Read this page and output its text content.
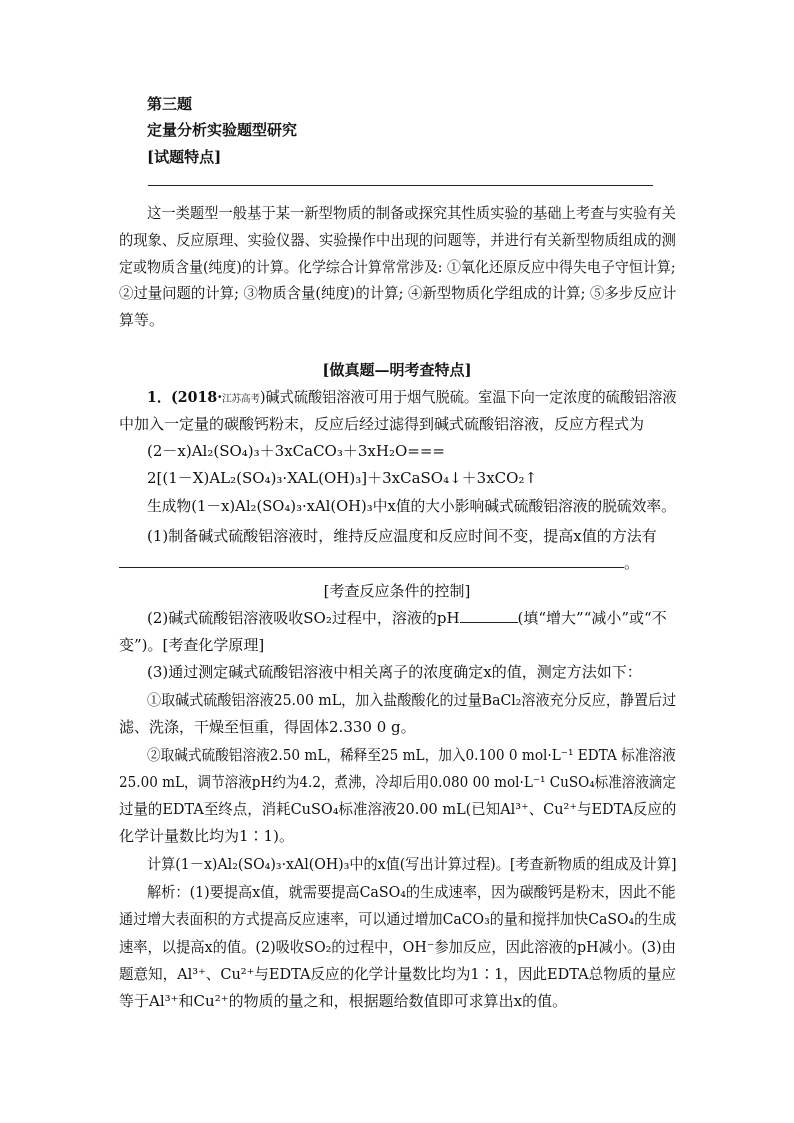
第三题
定量分析实验题型研究
[试题特点]
这一类题型一般基于某一新型物质的制备或探究其性质实验的基础上考查与实验有关
的现象、反应原理、实验仪器、实验操作中出现的问题等，并进行有关新型物质组成的测
定或物质含量(纯度)的计算。化学综合计算常常涉及: ①氧化还原反应中得失电子守恒计算;
②过量问题的计算; ③物质含量(纯度)的计算; ④新型物质化学组成的计算; ⑤多步反应计
算等。
[做真题—明考查特点]
1．(2018·江苏高考)碱式硫酸铝溶液可用于烟气脱硫。室温下向一定浓度的硫酸铝溶液
中加入一定量的碳酸钙粉末，反应后经过滤得到碱式硫酸铝溶液，反应方程式为
(2－x)Al₂(SO₄)₃＋3xCaCO₃＋3xH₂O===
2[(1－X)AL₂(SO₄)₃·XAL(OH)₃]＋3xCaSO₄↓＋3xCO₂↑
生成物(1－x)Al₂(SO₄)₃·xAl(OH)₃中x值的大小影响碱式硫酸铝溶液的脱硫效率。
(1)制备碱式硫酸铝溶液时，维持反应温度和反应时间不变，提高x值的方法有
。
[考查反应条件的控制]
(2)碱式硫酸铝溶液吸收SO₂过程中，溶液的pH	(填“增大”“减小”或“不
变”)。[考查化学原理]
(3)通过测定碱式硫酸铝溶液中相关离子的浓度确定x的值，测定方法如下：
①取碱式硫酸铝溶液25.00 mL，加入盐酸酸化的过量BaCl₂溶液充分反应，静置后过
滤、洗涤，干燥至恒重，得固体2.330 0 g。
②取碱式硫酸铝溶液2.50 mL，稀释至25 mL，加入0.100 0 mol·L⁻¹ EDTA 标准溶液
25.00 mL，调节溶液pH约为4.2，煮沸，冷却后用0.080 00 mol·L⁻¹ CuSO₄标准溶液滴定
过量的EDTA至终点，消耗CuSO₄标准溶液20.00 mL(已知Al³⁺、Cu²⁺与EDTA反应的
化学计量数比均为1∶1)。
计算(1－x)Al₂(SO₄)₃·xAl(OH)₃中的x值(写出计算过程)。[考查新物质的组成及计算]
解析：(1)要提高x值，就需要提高CaSO₄的生成速率，因为碳酸钙是粉末，因此不能
通过增大表面积的方式提高反应速率，可以通过增加CaCO₃的量和搅拌加快CaSO₄的生成
速率，以提高x的值。(2)吸收SO₂的过程中，OH⁻参加反应，因此溶液的pH减小。(3)由
题意知，Al³⁺、Cu²⁺与EDTA反应的化学计量数比均为1∶1，因此EDTA总物质的量应
等于Al³⁺和Cu²⁺的物质的量之和，根据题给数值即可求算出x的值。
